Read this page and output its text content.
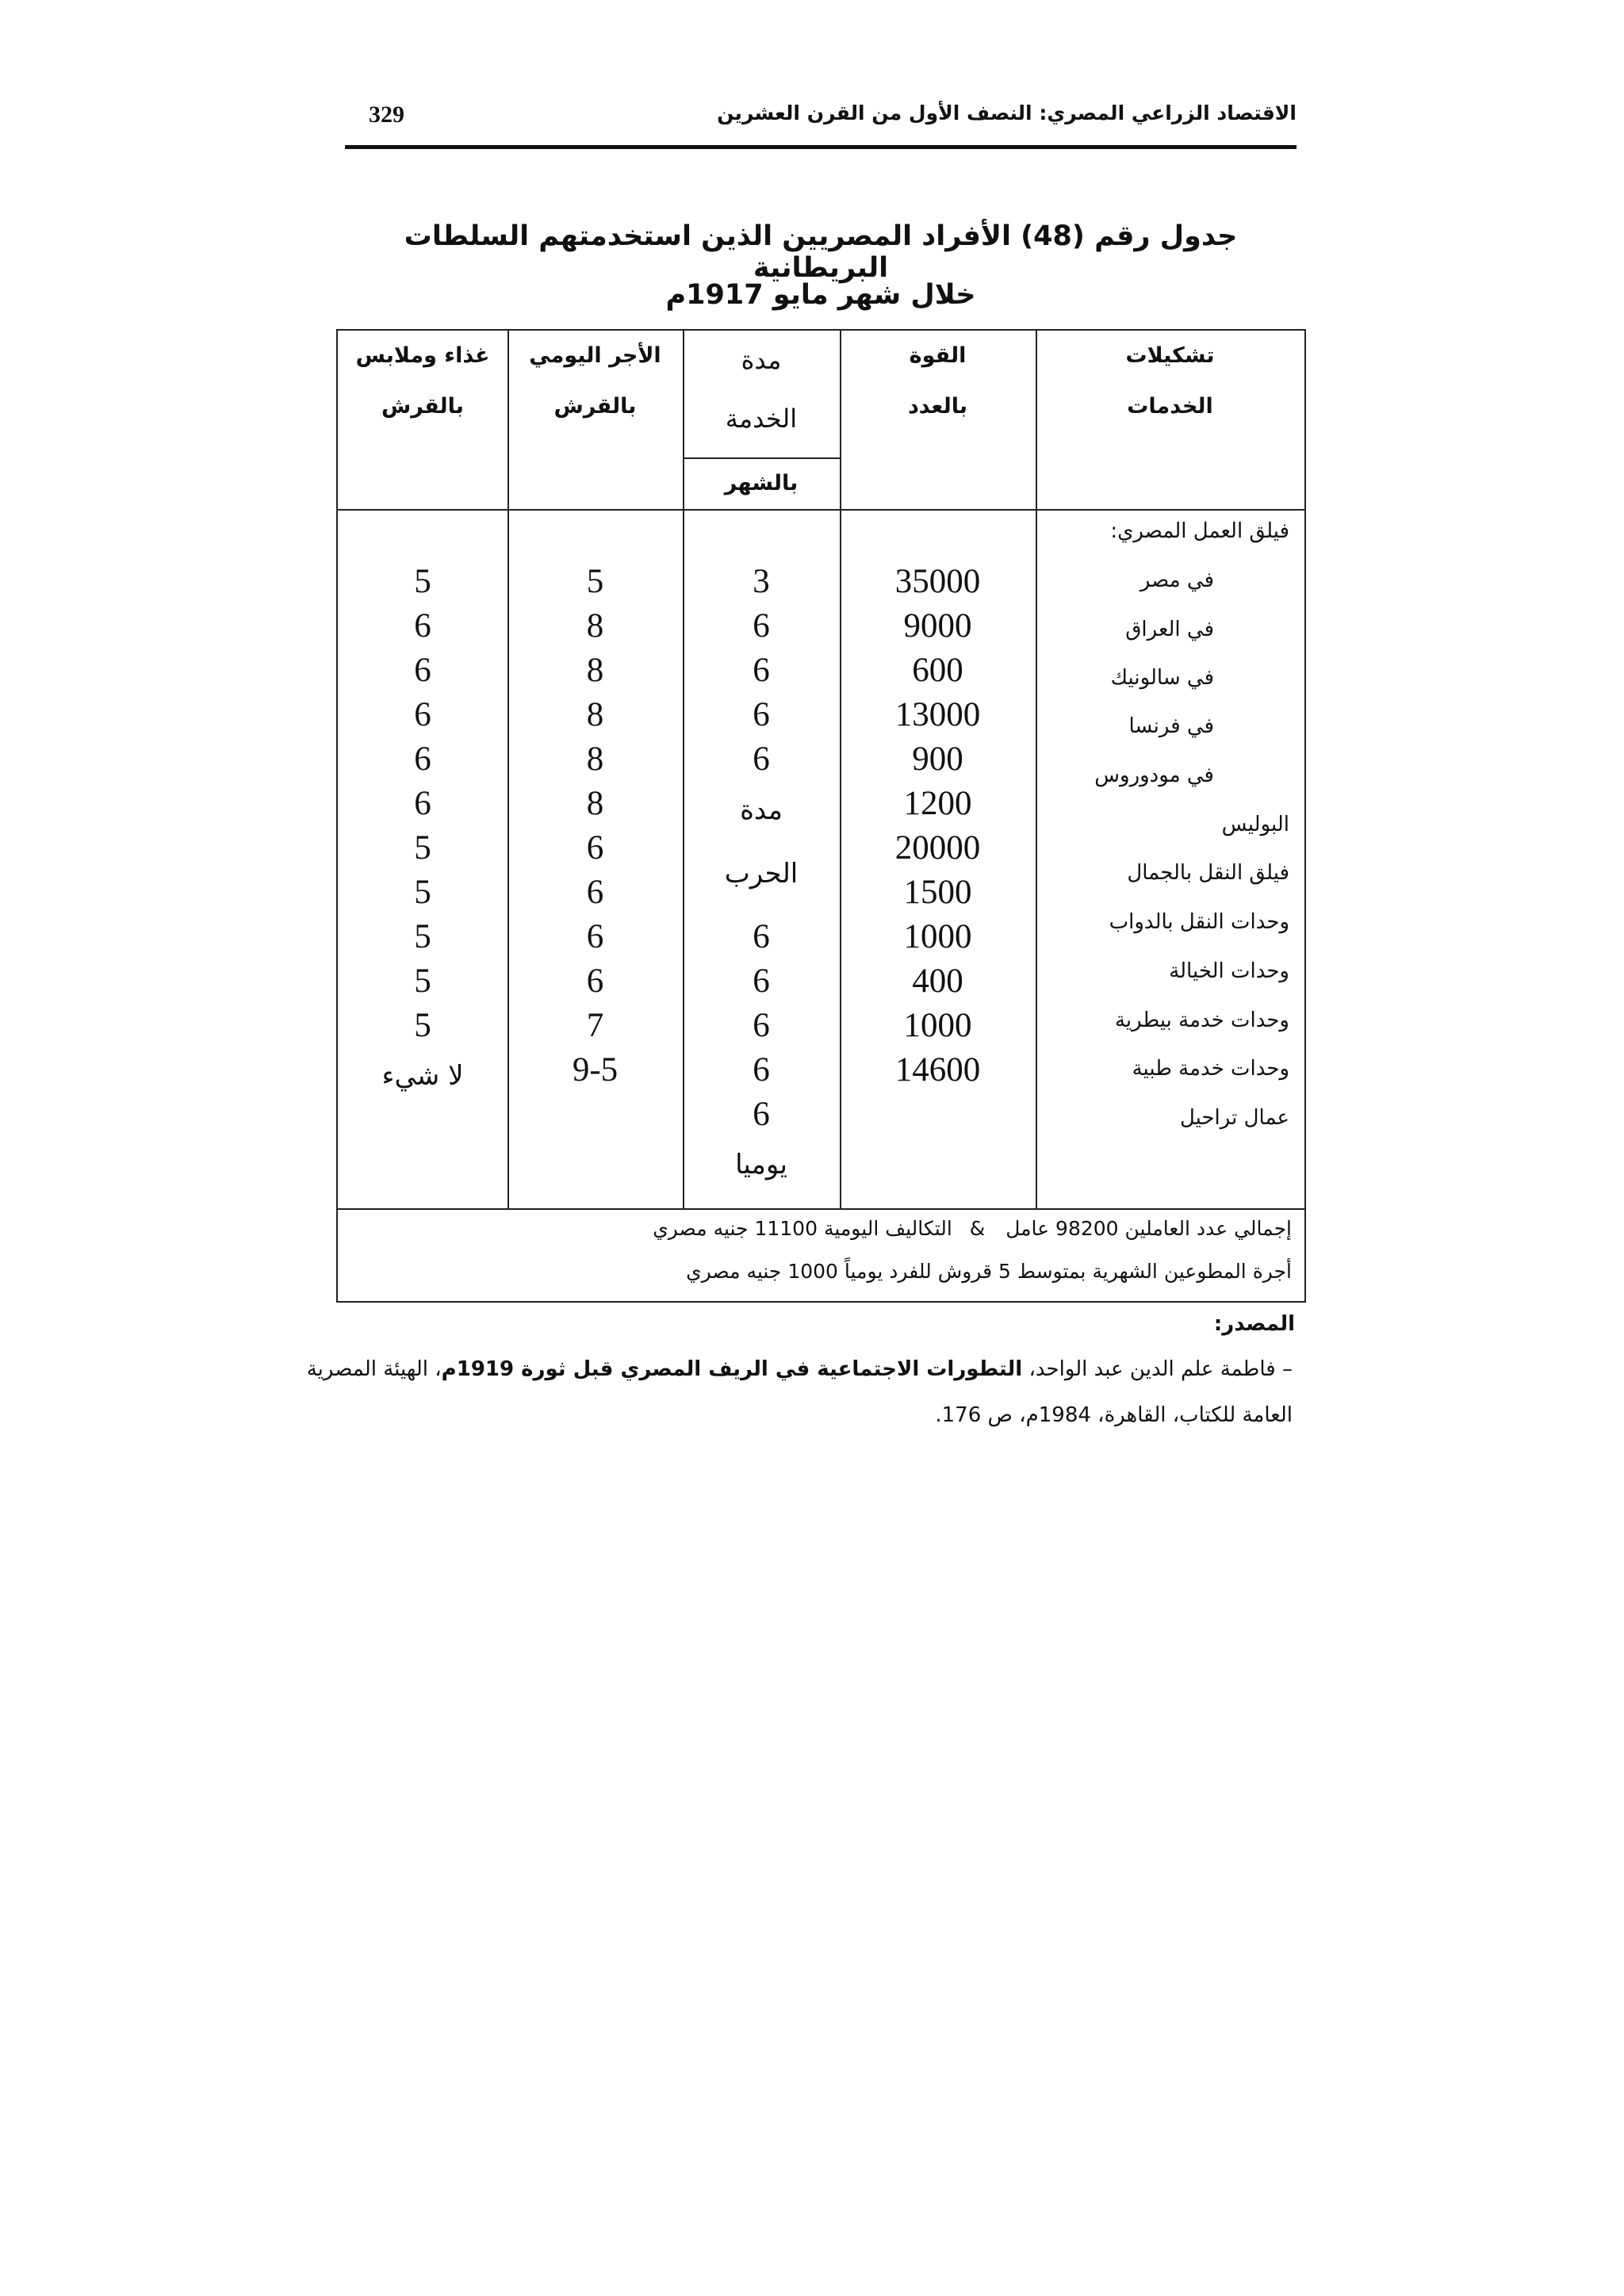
329	الاقتصاد الزراعي المصري: النصف الأول من القرن العشرين
جدول رقم (48) الأفراد المصريين الذين استخدمتهم السلطات البريطانية
خلال شهر مايو 1917م
تشكيلات
الخدمات
القوة
بالعدد
مدة
الخدمة
بالشهر
الأجر اليومي
بالقرش
غذاء وملابس
بالقرش
فيلق العمل المصري:
في مصر
في العراق
في سالونيك
في فرنسا
في مودوروس
البوليس
فيلق النقل بالجمال
وحدات النقل بالدواب
وحدات الخيالة
وحدات خدمة بيطرية
وحدات خدمة طبية
عمال تراحيل
35000
9000
600
13000
900
1200
20000
1500
1000
400
1000
14600
3
6
6
6
6
مدة
الحرب
6
6
6
6
6
يوميا
5
8
8
8
8
8
6
6
6
6
7
9-5
5
6
6
6
6
6
5
5
5
5
5
لا شيء
إجمالي عدد العاملين 98200 عامل & التكاليف اليومية 11100 جنيه مصري
أجرة المطوعين الشهرية بمتوسط 5 قروش للفرد يومياً 1000 جنيه مصري
المصدر:
– فاطمة علم الدين عبد الواحد، التطورات الاجتماعية في الريف المصري قبل ثورة 1919م، الهيئة المصرية
العامة للكتاب، القاهرة، 1984م، ص 176.
